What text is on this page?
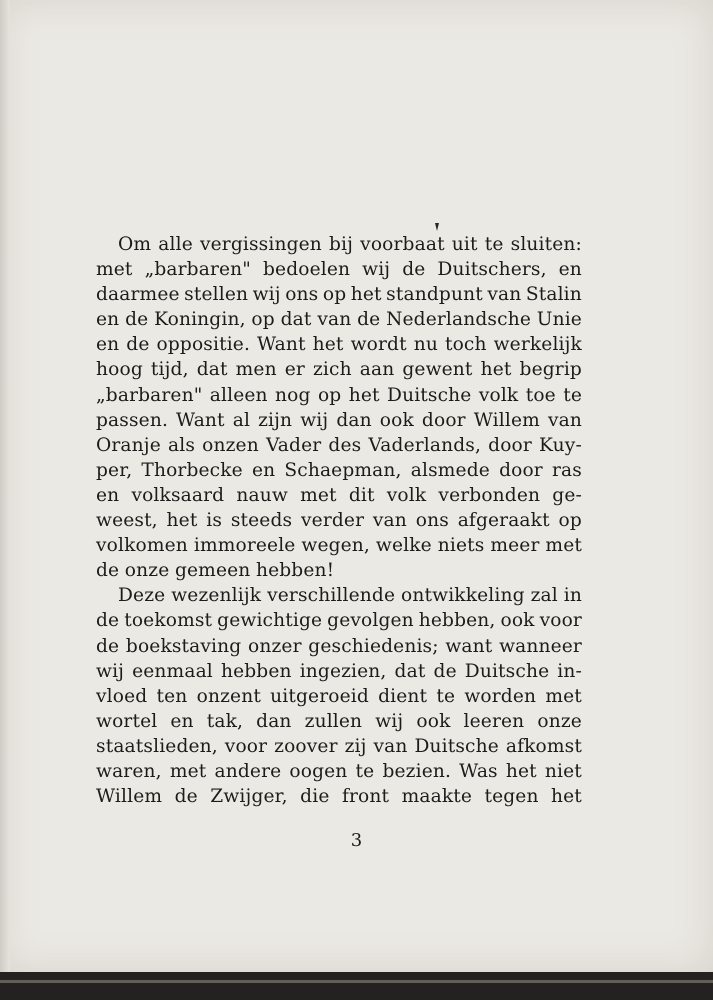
Om alle vergissingen bij voorbaat uit te sluiten:
met „barbaren" bedoelen wij de Duitschers, en
daarmee stellen wij ons op het standpunt van Stalin
en de Koningin, op dat van de Nederlandsche Unie
en de oppositie. Want het wordt nu toch werkelijk
hoog tijd, dat men er zich aan gewent het begrip
„barbaren" alleen nog op het Duitsche volk toe te
passen. Want al zijn wij dan ook door Willem van
Oranje als onzen Vader des Vaderlands, door Kuy-
per, Thorbecke en Schaepman, alsmede door ras
en volksaard nauw met dit volk verbonden ge-
weest, het is steeds verder van ons afgeraakt op
volkomen immoreele wegen, welke niets meer met
de onze gemeen hebben!
Deze wezenlijk verschillende ontwikkeling zal in
de toekomst gewichtige gevolgen hebben, ook voor
de boekstaving onzer geschiedenis; want wanneer
wij eenmaal hebben ingezien, dat de Duitsche in-
vloed ten onzent uitgeroeid dient te worden met
wortel en tak, dan zullen wij ook leeren onze
staatslieden, voor zoover zij van Duitsche afkomst
waren, met andere oogen te bezien. Was het niet
Willem de Zwijger, die front maakte tegen het
3
